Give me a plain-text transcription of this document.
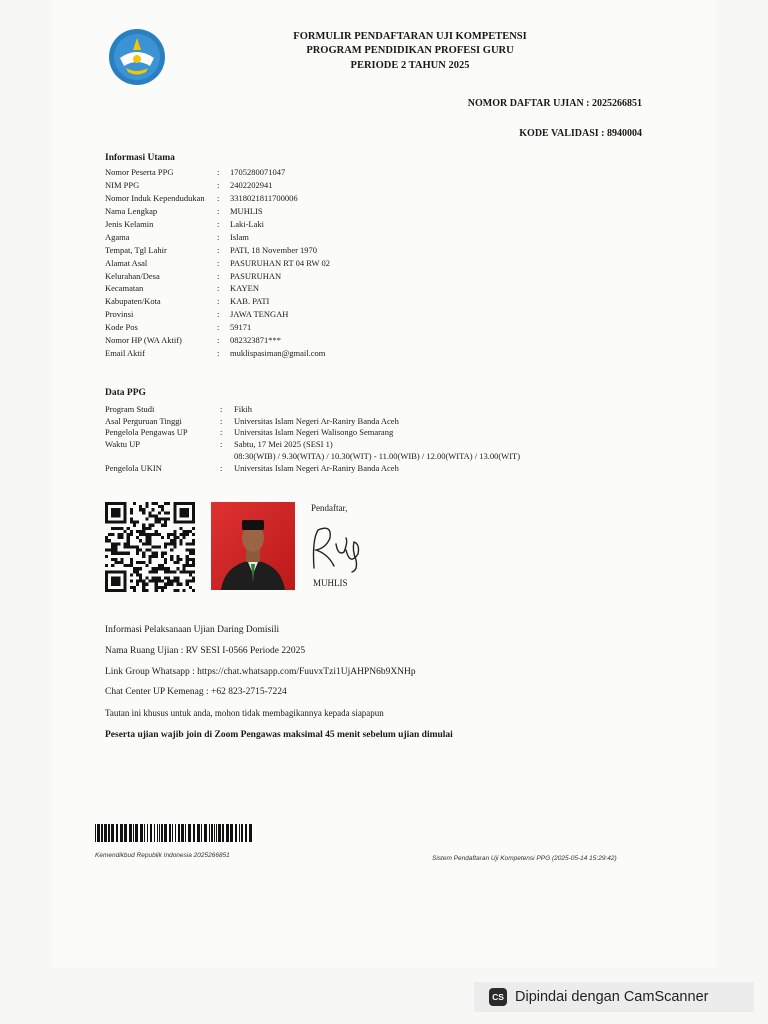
FORMULIR PENDAFTARAN UJI KOMPETENSI
PROGRAM PENDIDIKAN PROFESI GURU
PERIODE 2 TAHUN 2025
NOMOR DAFTAR UJIAN : 2025266851
KODE VALIDASI : 8940004
Informasi Utama
Nomor Peserta PPG	:	1705280071047
NIM PPG	:	2402202941
Nomor Induk Kependudukan	:	3318021811700006
Nama Lengkap	:	MUHLIS
Jenis Kelamin	:	Laki-Laki
Agama	:	Islam
Tempat, Tgl Lahir	:	PATI, 18 November 1970
Alamat Asal	:	PASURUHAN RT 04 RW 02
Kelurahan/Desa	:	PASURUHAN
Kecamatan	:	KAYEN
Kabupaten/Kota	:	KAB. PATI
Provinsi	:	JAWA TENGAH
Kode Pos	:	59171
Nomor HP (WA Aktif)	:	082323871***
Email Aktif	:	muklispasiman@gmail.com
Data PPG
Program Studi	:	Fikih
Asal Perguruan Tinggi	:	Universitas Islam Negeri Ar-Raniry Banda Aceh
Pengelola Pengawas UP	:	Universitas Islam Negeri Walisongo Semarang
Waktu UP	:	Sabtu, 17 Mei 2025 (SESI 1)
08:30(WIB) / 9.30(WITA) / 10.30(WIT) - 11.00(WIB) / 12.00(WITA) / 13.00(WIT)
Pengelola UKIN	:	Universitas Islam Negeri Ar-Raniry Banda Aceh
Pendaftar,
MUHLIS
Informasi Pelaksanaan Ujian Daring Domisili
Nama Ruang Ujian : RV SESI I-0566 Periode 22025
Link Group Whatsapp : https://chat.whatsapp.com/FuuvxTzi1UjAHPN6b9XNHp
Chat Center UP Kemenag : +62 823-2715-7224
Tautan ini khusus untuk anda, mohon tidak membagikannya kepada siapapun
Peserta ujian wajib join di Zoom Pengawas maksimal 45 menit sebelum ujian dimulai
Kemendikbud Republik Indonesia 2025266851	Sistem Pendaftaran Uji Kompetensi PPG (2025-05-14 15:29:42)
CS Dipindai dengan CamScanner
